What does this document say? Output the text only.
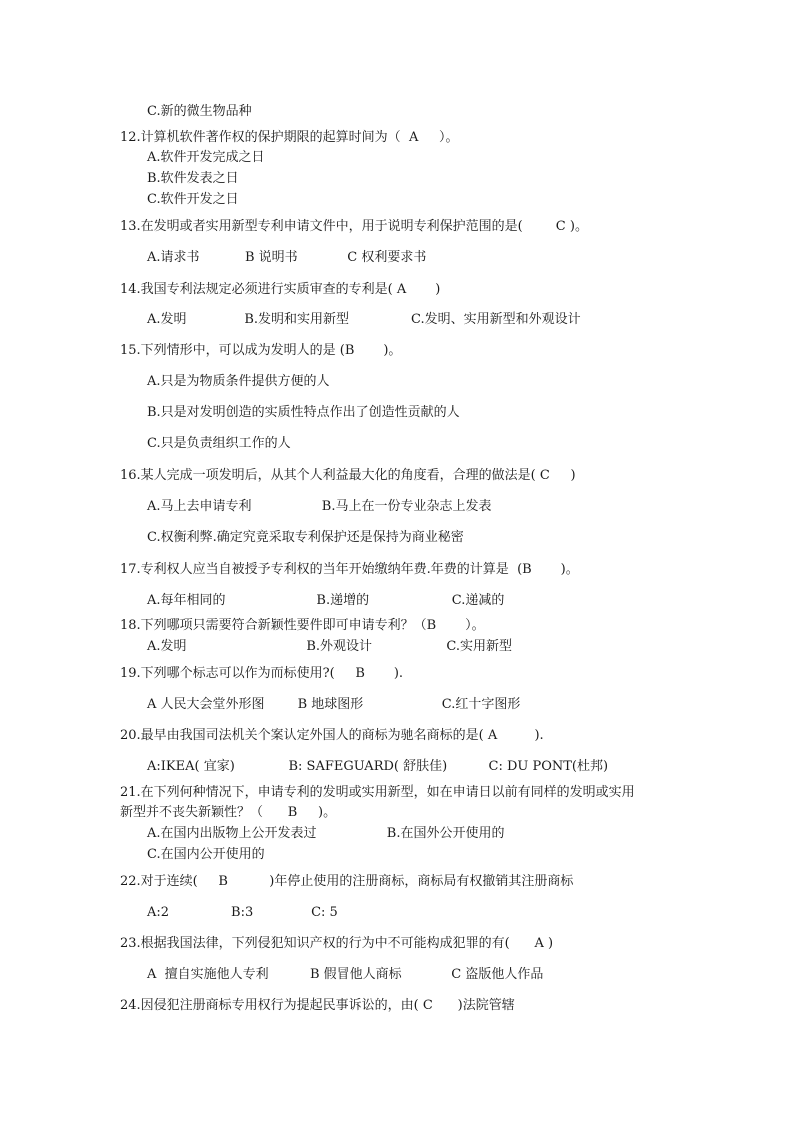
C.新的微生物品种
12.计算机软件著作权的保护期限的起算时间为（  A     ）。
A.软件开发完成之日
B.软件发表之日
C.软件开发之日
13.在发明或者实用新型专利申请文件中，用于说明专利保护范围的是(        C )。
A.请求书           B 说明书            C 权利要求书
14.我国专利法规定必须进行实质审查的专利是( A       )
A.发明              B.发明和实用新型               C.发明、实用新型和外观设计
15.下列情形中，可以成为发明人的是 (B       )。
A.只是为物质条件提供方便的人
B.只是对发明创造的实质性特点作出了创造性贡献的人
C.只是负责组织工作的人
16.某人完成一项发明后，从其个人利益最大化的角度看，合理的做法是( C     )
A.马上去申请专利                 B.马上在一份专业杂志上发表
C.权衡利弊.确定究竟采取专利保护还是保持为商业秘密
17.专利权人应当自被授予专利权的当年开始缴纳年费.年费的计算是  (B       )。
A.每年相同的                      B.递增的                    C.递减的
18.下列哪项只需要符合新颖性要件即可申请专利？（B       ）。
A.发明                             B.外观设计                  C.实用新型
19.下列哪个标志可以作为而标使用?(     B       ).
A 人民大会堂外形图        B 地球图形                   C.红十字图形
20.最早由我国司法机关个案认定外国人的商标为驰名商标的是( A         ).
A:IKEA( 宜家)             B: SAFEGUARD( 舒肤佳)          C: DU PONT(杜邦)
21.在下列何种情况下，申请专利的发明或实用新型，如在申请日以前有同样的发明或实用
新型并不丧失新颖性？（      B     )。
A.在国内出版物上公开发表过                 B.在国外公开使用的
C.在国内公开使用的
22.对于连续(     B          )年停止使用的注册商标，商标局有权撤销其注册商标
A:2               B:3              C: 5
23.根据我国法律，下列侵犯知识产权的行为中不可能构成犯罪的有(      A )
A  擅自实施他人专利          B 假冒他人商标            C 盗版他人作品
24.因侵犯注册商标专用权行为提起民事诉讼的，由( C      )法院管辖
